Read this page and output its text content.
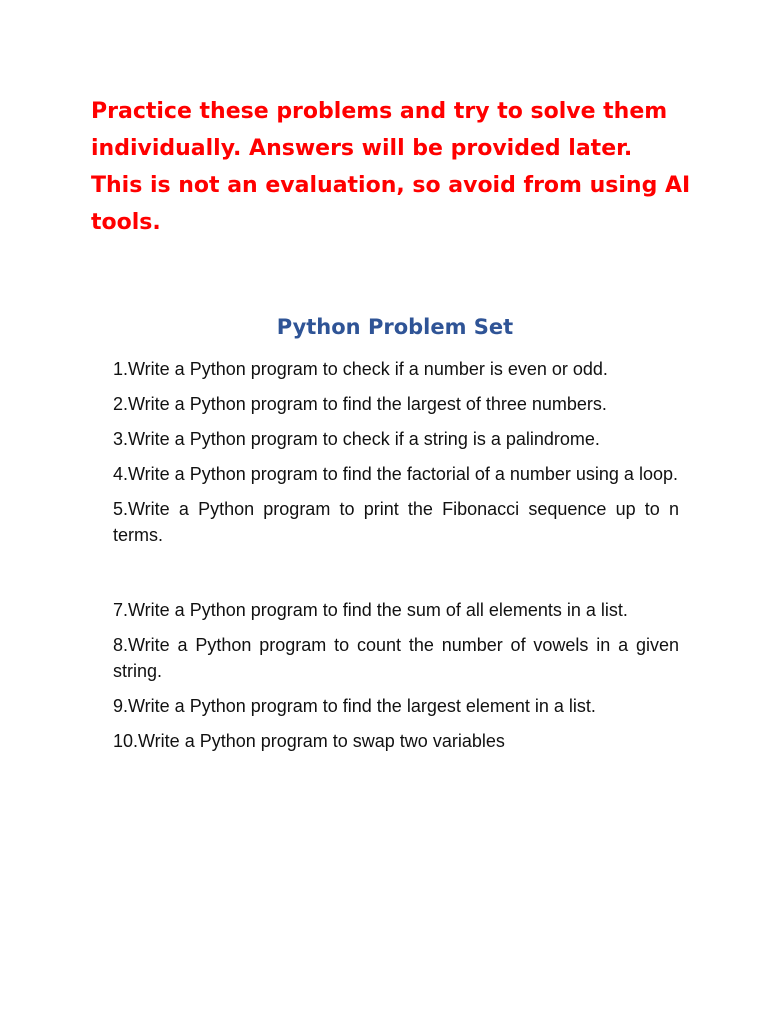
Practice these problems and try to solve them individually. Answers will be provided later. This is not an evaluation, so avoid from using AI tools.

Python Problem Set
1.Write a Python program to check if a number is even or odd.
2.Write a Python program to find the largest of three numbers.
3.Write a Python program to check if a string is a palindrome.
4.Write a Python program to find the factorial of a number using a loop.
5.Write a Python program to print the Fibonacci sequence up to n terms.
7.Write a Python program to find the sum of all elements in a list.
8.Write a Python program to count the number of vowels in a given string.
9.Write a Python program to find the largest element in a list.
10.Write a Python program to swap two variables
